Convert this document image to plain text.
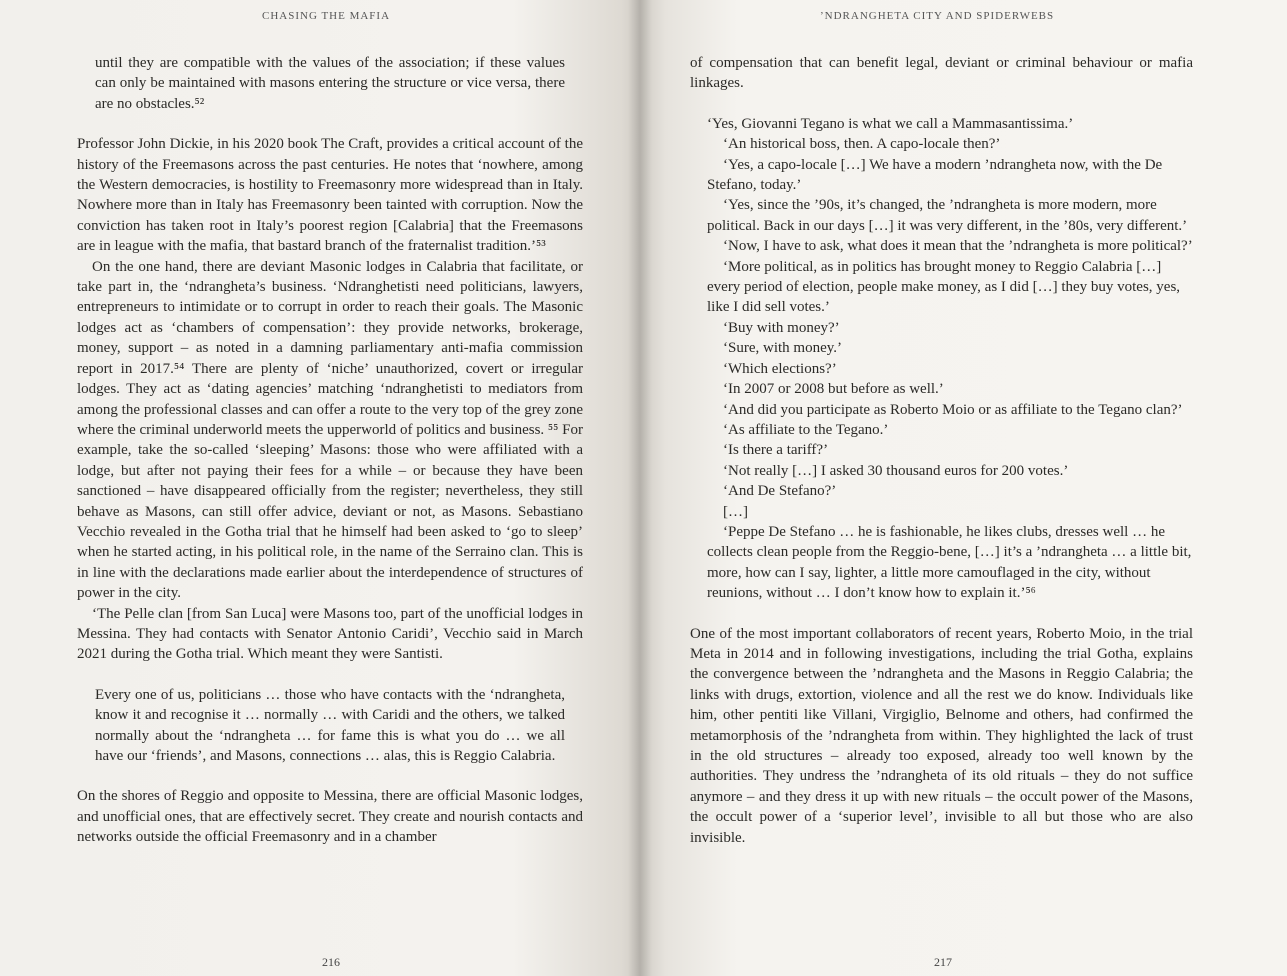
CHASING THE MAFIA

until they are compatible with the values of the association; if these values can only be maintained with masons entering the structure or vice versa, there are no obstacles.⁵²

Professor John Dickie, in his 2020 book The Craft, provides a critical account of the history of the Freemasons across the past centuries. He notes that ‘nowhere, among the Western democracies, is hostility to Freemasonry more widespread than in Italy. Nowhere more than in Italy has Freemasonry been tainted with corruption. Now the conviction has taken root in Italy’s poorest region [Calabria] that the Freemasons are in league with the mafia, that bastard branch of the fraternalist tradition.’⁵³

On the one hand, there are deviant Masonic lodges in Calabria that facilitate, or take part in, the ‘ndrangheta’s business. ‘Ndranghetisti need politicians, lawyers, entrepreneurs to intimidate or to corrupt in order to reach their goals. The Masonic lodges act as ‘chambers of compensation’: they provide networks, brokerage, money, support – as noted in a damning parliamentary anti-mafia commission report in 2017.⁵⁴ There are plenty of ‘niche’ unauthorized, covert or irregular lodges. They act as ‘dating agencies’ matching ‘ndranghetisti to mediators from among the professional classes and can offer a route to the very top of the grey zone where the criminal underworld meets the upperworld of politics and business. ⁵⁵ For example, take the so-called ‘sleeping’ Masons: those who were affiliated with a lodge, but after not paying their fees for a while – or because they have been sanctioned – have disappeared officially from the register; nevertheless, they still behave as Masons, can still offer advice, deviant or not, as Masons. Sebastiano Vecchio revealed in the Gotha trial that he himself had been asked to ‘go to sleep’ when he started acting, in his political role, in the name of the Serraino clan. This is in line with the declarations made earlier about the interdependence of structures of power in the city.

‘The Pelle clan [from San Luca] were Masons too, part of the unofficial lodges in Messina. They had contacts with Senator Antonio Caridi’, Vecchio said in March 2021 during the Gotha trial. Which meant they were Santisti.

Every one of us, politicians … those who have contacts with the ‘ndrangheta, know it and recognise it … normally … with Caridi and the others, we talked normally about the ‘ndrangheta … for fame this is what you do … we all have our ‘friends’, and Masons, connections … alas, this is Reggio Calabria.

On the shores of Reggio and opposite to Messina, there are official Masonic lodges, and unofficial ones, that are effectively secret. They create and nourish contacts and networks outside the official Freemasonry and in a chamber

216
’NDRANGHETA CITY AND SPIDERWEBS

of compensation that can benefit legal, deviant or criminal behaviour or mafia linkages.

‘Yes, Giovanni Tegano is what we call a Mammasantissima.’

‘An historical boss, then. A capo-locale then?’

‘Yes, a capo-locale […] We have a modern ’ndrangheta now, with the De Stefano, today.’

‘Yes, since the ’90s, it’s changed, the ’ndrangheta is more modern, more political. Back in our days […] it was very different, in the ’80s, very different.’

‘Now, I have to ask, what does it mean that the ’ndrangheta is more political?’

‘More political, as in politics has brought money to Reggio Calabria […] every period of election, people make money, as I did […] they buy votes, yes, like I did sell votes.’

‘Buy with money?’

‘Sure, with money.’

‘Which elections?’

‘In 2007 or 2008 but before as well.’

‘And did you participate as Roberto Moio or as affiliate to the Tegano clan?’

‘As affiliate to the Tegano.’

‘Is there a tariff?’

‘Not really […] I asked 30 thousand euros for 200 votes.’

‘And De Stefano?’

[…]

‘Peppe De Stefano … he is fashionable, he likes clubs, dresses well … he collects clean people from the Reggio-bene, […] it’s a ’ndrangheta … a little bit, more, how can I say, lighter, a little more camouflaged in the city, without reunions, without … I don’t know how to explain it.’⁵⁶

One of the most important collaborators of recent years, Roberto Moio, in the trial Meta in 2014 and in following investigations, including the trial Gotha, explains the convergence between the ’ndrangheta and the Masons in Reggio Calabria; the links with drugs, extortion, violence and all the rest we do know. Individuals like him, other pentiti like Villani, Virgiglio, Belnome and others, had confirmed the metamorphosis of the ’ndrangheta from within. They highlighted the lack of trust in the old structures – already too exposed, already too well known by the authorities. They undress the ’ndrangheta of its old rituals – they do not suffice anymore – and they dress it up with new rituals – the occult power of the Masons, the occult power of a ‘superior level’, invisible to all but those who are also invisible.

217
